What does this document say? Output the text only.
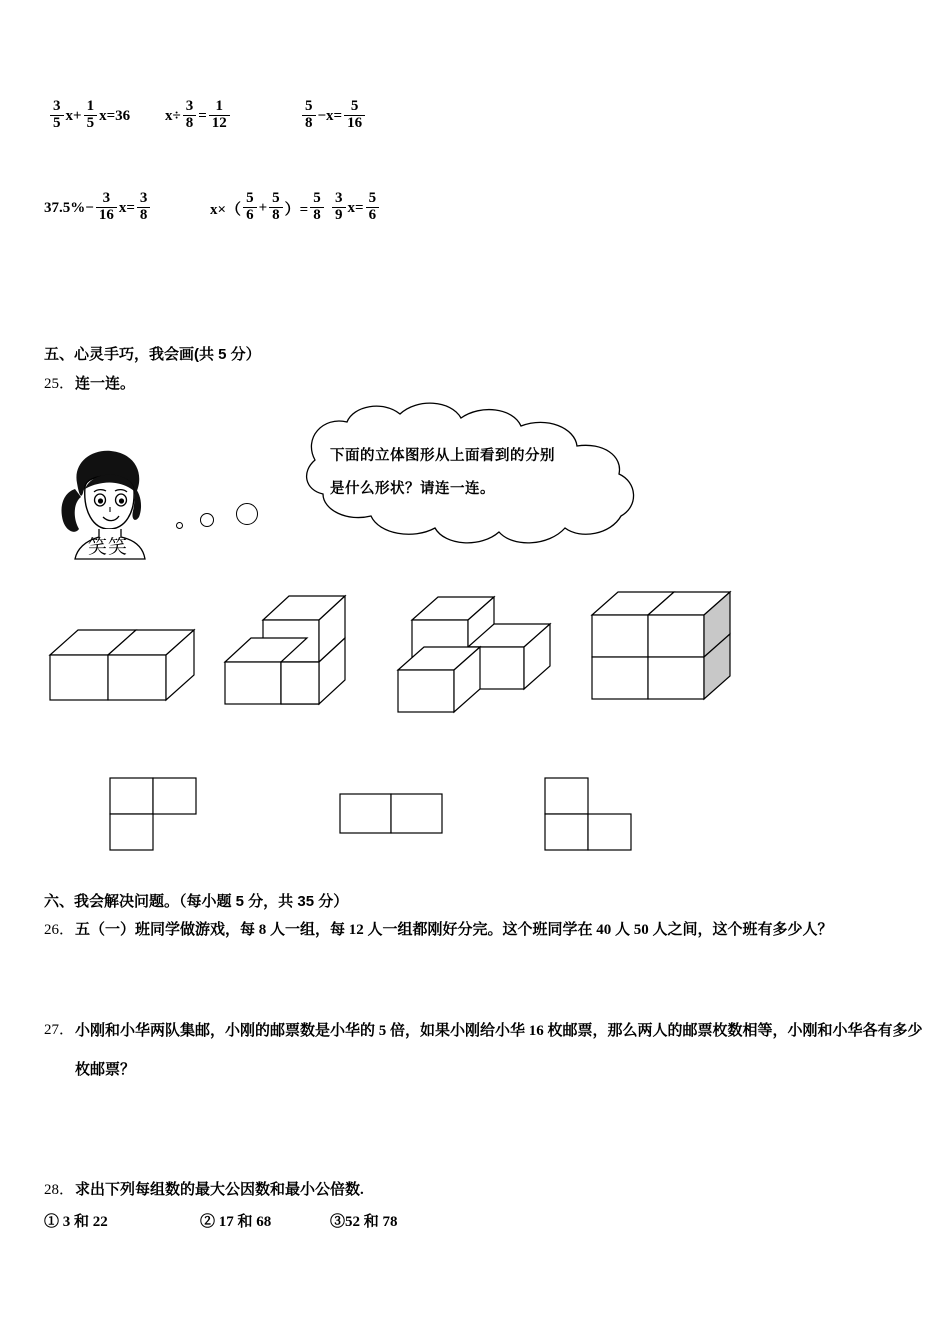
$\frac{3}{5} x+ \frac{1}{5} x=36$ $x\div \frac{3}{8} = \frac{1}{12}$	$\frac{5}{8} -x= \frac{5}{16}$
$37.5\%- \frac{3}{16} x= \frac{3}{8}$	$x\times( \frac{5}{6} + \frac{5}{8}$ ）= $\frac{5}{8} \frac{3}{9} x= \frac{5}{6}$
五、心灵手巧，我会画(共 5 分）
25． 连一连。
下面的立体图形从上面看到的分别
是什么形状？请连一连。
笑笑
六、我会解决问题。（每小题 5 分，共 35 分）
26． 五（一）班同学做游戏，每 8 人一组，每 12 人一组都刚好分完。这个班同学在 40 人 50 人之间，这个班有多少人？
27． 小刚和小华两队集邮，小刚的邮票数是小华的 5 倍，如果小刚给小华 16 枚邮票，那么两人的邮票枚数相等，小刚和小华各有多少枚邮票？
28． 求出下列每组数的最大公因数和最小公倍数.
① 3 和 22	② 17 和 68	③52 和 78
